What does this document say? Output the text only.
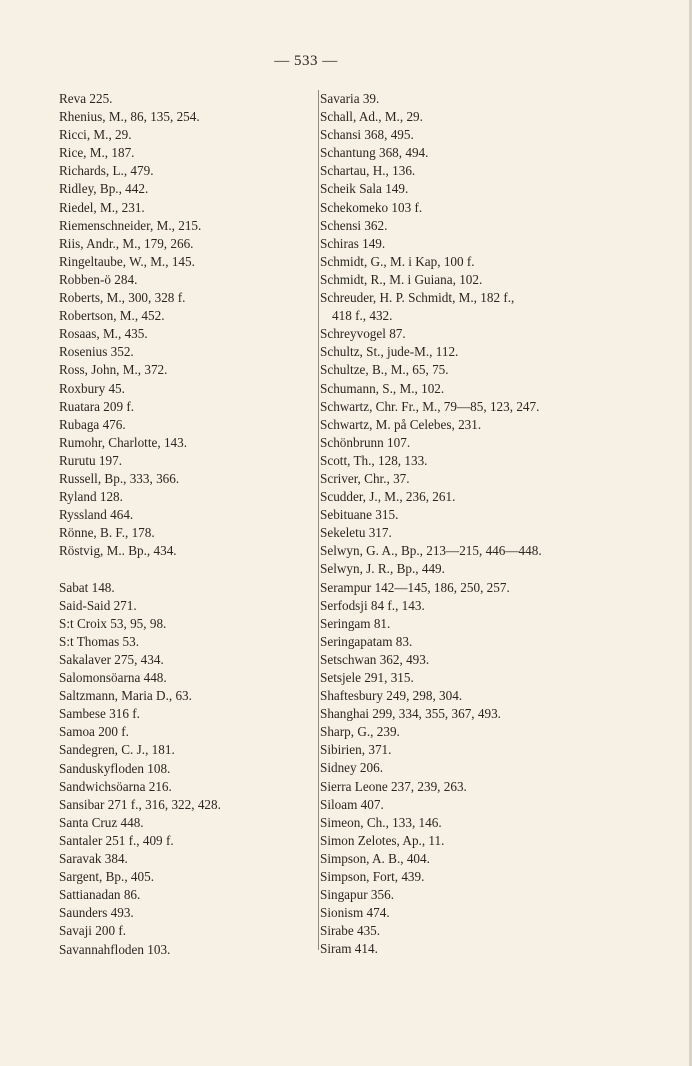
— 533 —
Reva 225.
Rhenius, M., 86, 135, 254.
Ricci, M., 29.
Rice, M., 187.
Richards, L., 479.
Ridley, Bp., 442.
Riedel, M., 231.
Riemenschneider, M., 215.
Riis, Andr., M., 179, 266.
Ringeltaube, W., M., 145.
Robben-ö 284.
Roberts, M., 300, 328 f.
Robertson, M., 452.
Rosaas, M., 435.
Rosenius 352.
Ross, John, M., 372.
Roxbury 45.
Ruatara 209 f.
Rubaga 476.
Rumohr, Charlotte, 143.
Rurutu 197.
Russell, Bp., 333, 366.
Ryland 128.
Ryssland 464.
Rönne, B. F., 178.
Röstvig, M.. Bp., 434.
Sabat 148.
Said-Said 271.
S:t Croix 53, 95, 98.
S:t Thomas 53.
Sakalaver 275, 434.
Salomonsöarna 448.
Saltzmann, Maria D., 63.
Sambese 316 f.
Samoa 200 f.
Sandegren, C. J., 181.
Sanduskyfloden 108.
Sandwichsöarna 216.
Sansibar 271 f., 316, 322, 428.
Santa Cruz 448.
Santaler 251 f., 409 f.
Saravak 384.
Sargent, Bp., 405.
Sattianadan 86.
Saunders 493.
Savaji 200 f.
Savannahfloden 103.
Savaria 39.
Schall, Ad., M., 29.
Schansi 368, 495.
Schantung 368, 494.
Schartau, H., 136.
Scheik Sala 149.
Schekomeko 103 f.
Schensi 362.
Schiras 149.
Schmidt, G., M. i Kap, 100 f.
Schmidt, R., M. i Guiana, 102.
Schreuder, H. P. Schmidt, M., 182 f.,
418 f., 432.
Schreyvogel 87.
Schultz, St., jude-M., 112.
Schultze, B., M., 65, 75.
Schumann, S., M., 102.
Schwartz, Chr. Fr., M., 79—85, 123, 247.
Schwartz, M. på Celebes, 231.
Schönbrunn 107.
Scott, Th., 128, 133.
Scriver, Chr., 37.
Scudder, J., M., 236, 261.
Sebituane 315.
Sekeletu 317.
Selwyn, G. A., Bp., 213—215, 446—448.
Selwyn, J. R., Bp., 449.
Serampur 142—145, 186, 250, 257.
Serfodsji 84 f., 143.
Seringam 81.
Seringapatam 83.
Setschwan 362, 493.
Setsjele 291, 315.
Shaftesbury 249, 298, 304.
Shanghai 299, 334, 355, 367, 493.
Sharp, G., 239.
Sibirien, 371.
Sidney 206.
Sierra Leone 237, 239, 263.
Siloam 407.
Simeon, Ch., 133, 146.
Simon Zelotes, Ap., 11.
Simpson, A. B., 404.
Simpson, Fort, 439.
Singapur 356.
Sionism 474.
Sirabe 435.
Siram 414.
